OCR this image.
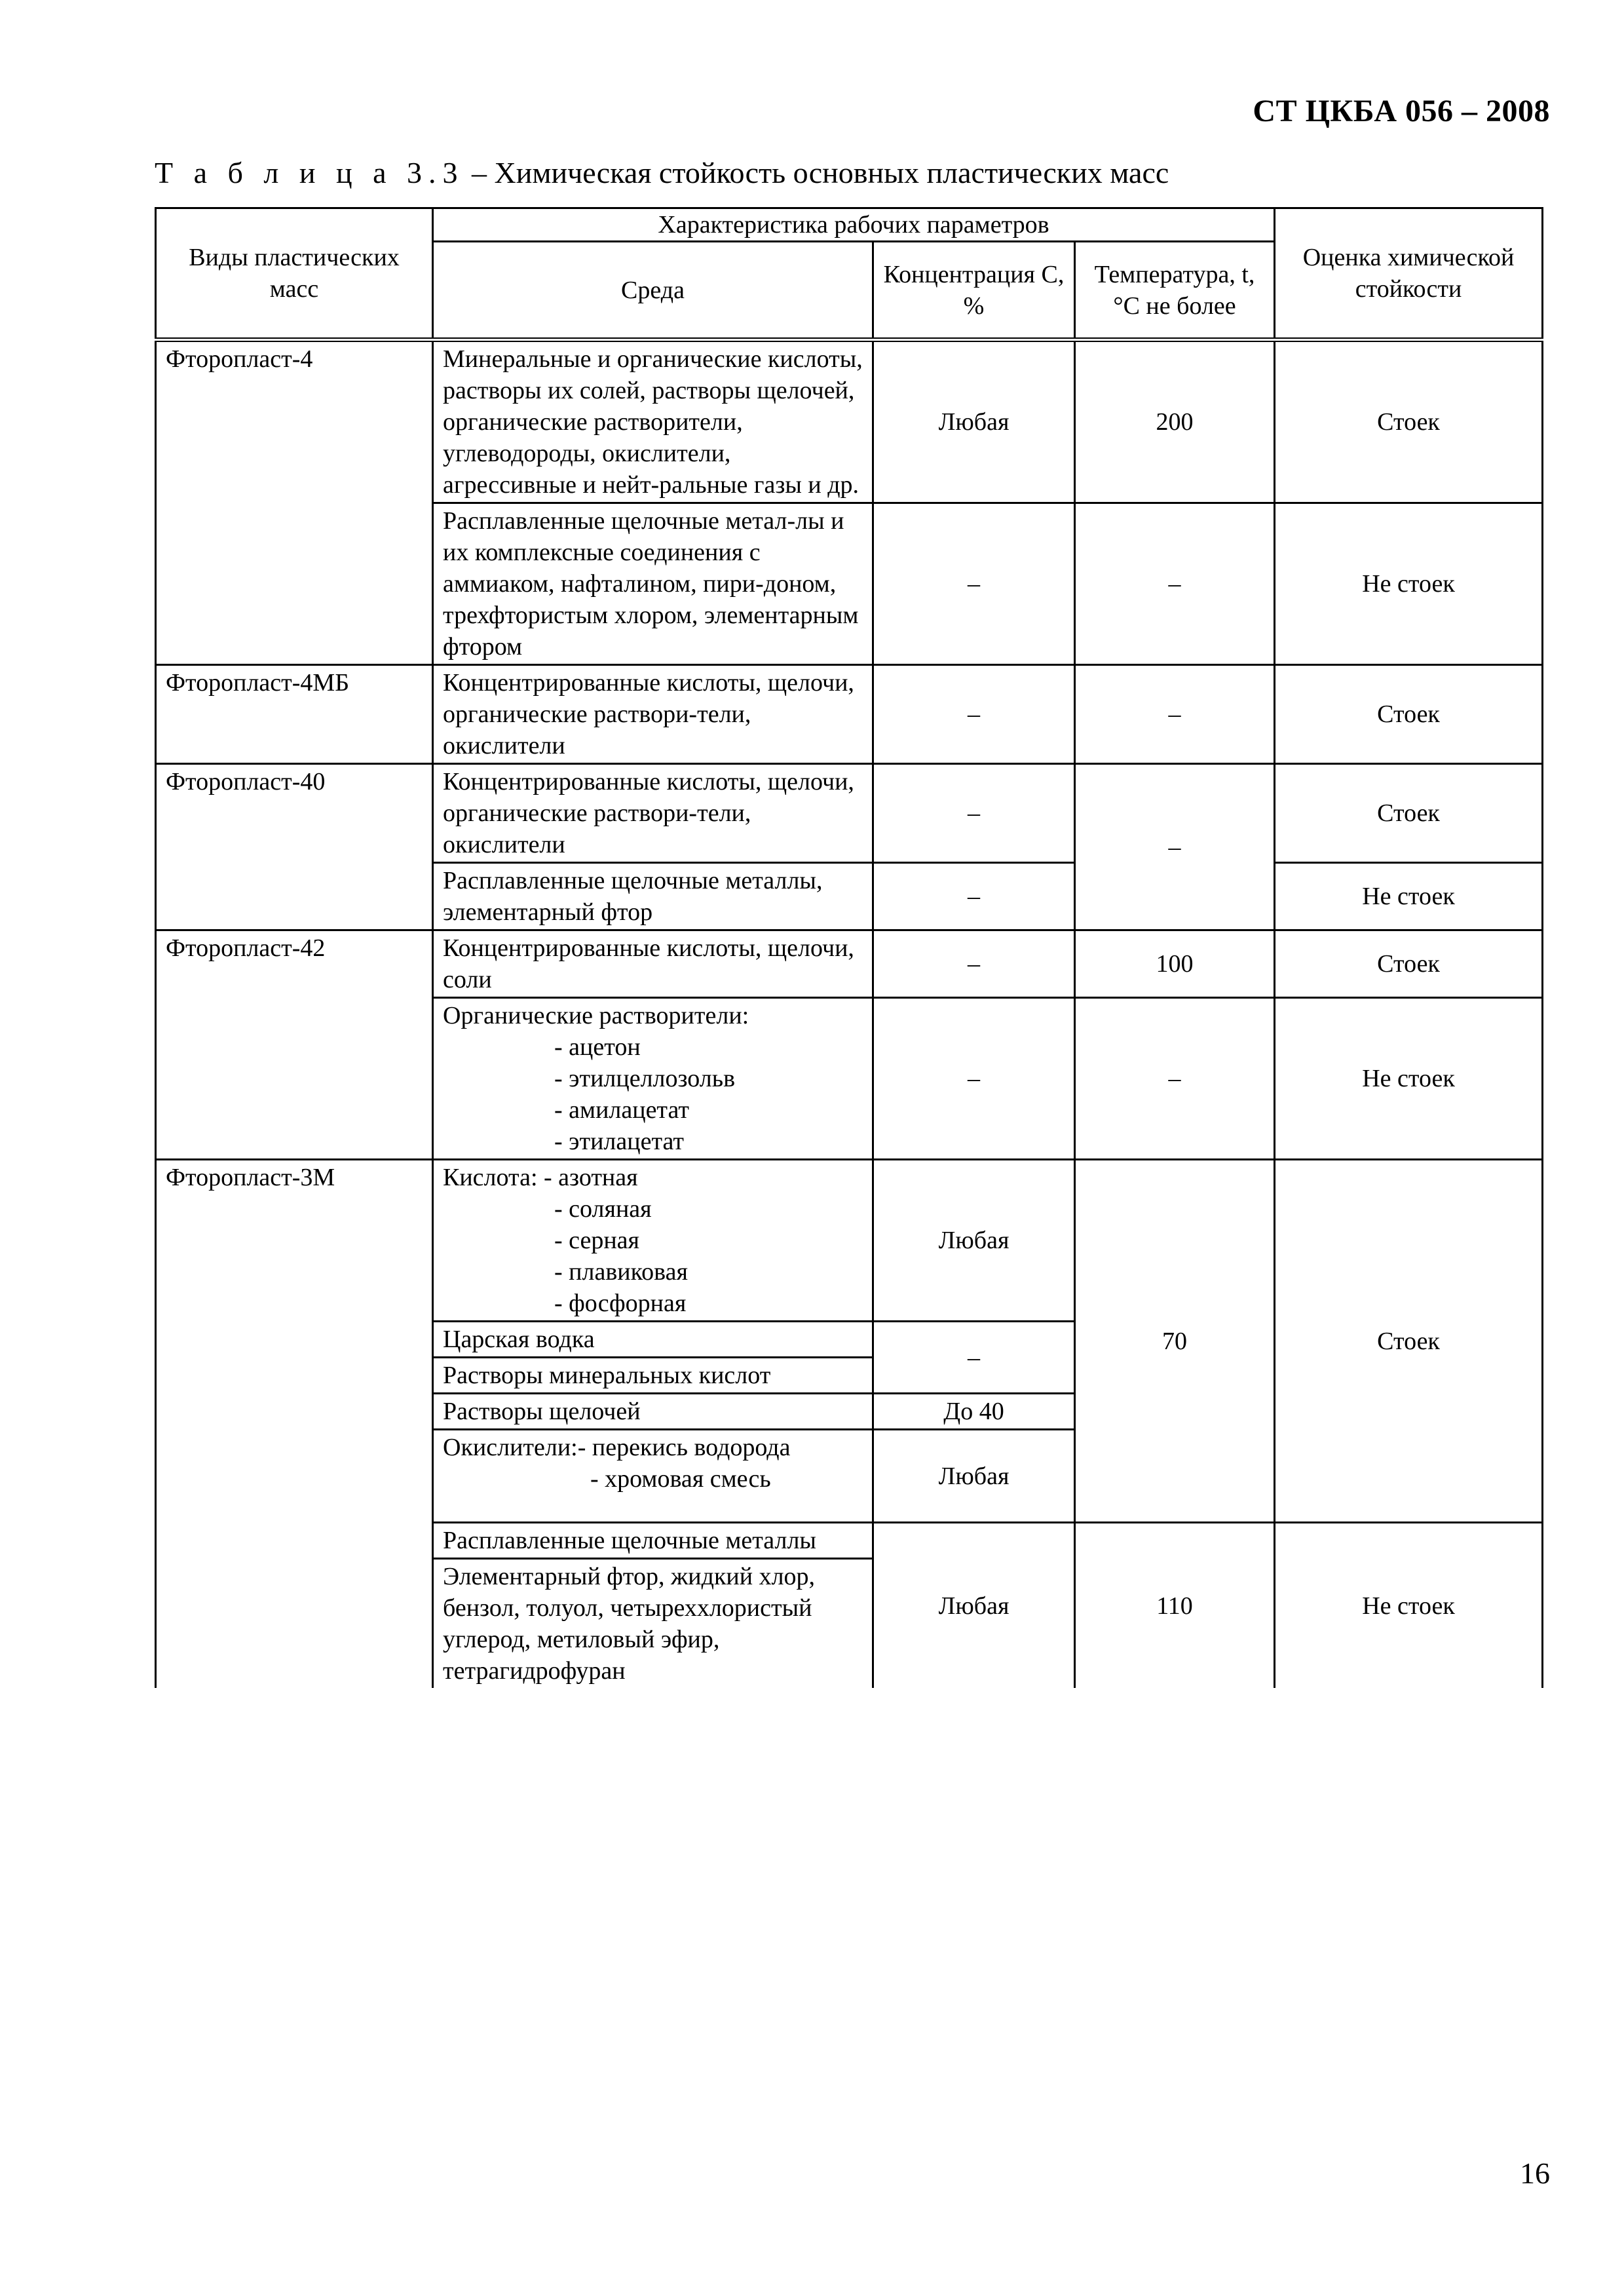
СТ ЦКБА 056 – 2008
Т а б л и ц а 3.3 – Химическая стойкость основных пластических масс
Виды пластических масс	Характеристика рабочих параметров			Оценка химической стойкости
	Среда	Концентрация С, %	Температура, t, °С не более	
Фторопласт-4	Минеральные и органические кислоты, растворы их солей, растворы щелочей, органические растворители, углеводороды, окислители, агрессивные и нейт-ральные газы и др.	Любая	200	Стоек
	Расплавленные щелочные метал-лы и их комплексные соединения с аммиаком, нафталином, пири-доном, трехфтористым хлором, элементарным фтором	–	–	Не стоек
Фторопласт-4МБ	Концентрированные кислоты, щелочи, органические раствори-тели, окислители	–	–	Стоек
Фторопласт-40	Концентрированные кислоты, щелочи, органические раствори-тели, окислители	–	–	Стоек
	Расплавленные щелочные металлы, элементарный фтор	–		Не стоек
Фторопласт-42	Концентрированные кислоты, щелочи, соли	–	100	Стоек

	Органические растворители:
- ацетон
- этилцеллозольв
- амилацетат
- этилацетат	–	–	Не стоек
Фторопласт-3М	Кислота: - азотная
- соляная
- серная
- плавиковая
- фосфорная	Любая	70	Стоек
	Царская водка	–		
	Растворы минеральных кислот			
	Растворы щелочей	До 40		
	Окислители:- перекись водорода
- хромовая смесь	Любая		
	Расплавленные щелочные металлы	Любая	110	Не стоек
	Элементарный фтор, жидкий хлор, бензол, толуол, четыреххлористый углерод, метиловый эфир, тетрагидрофуран			
16
